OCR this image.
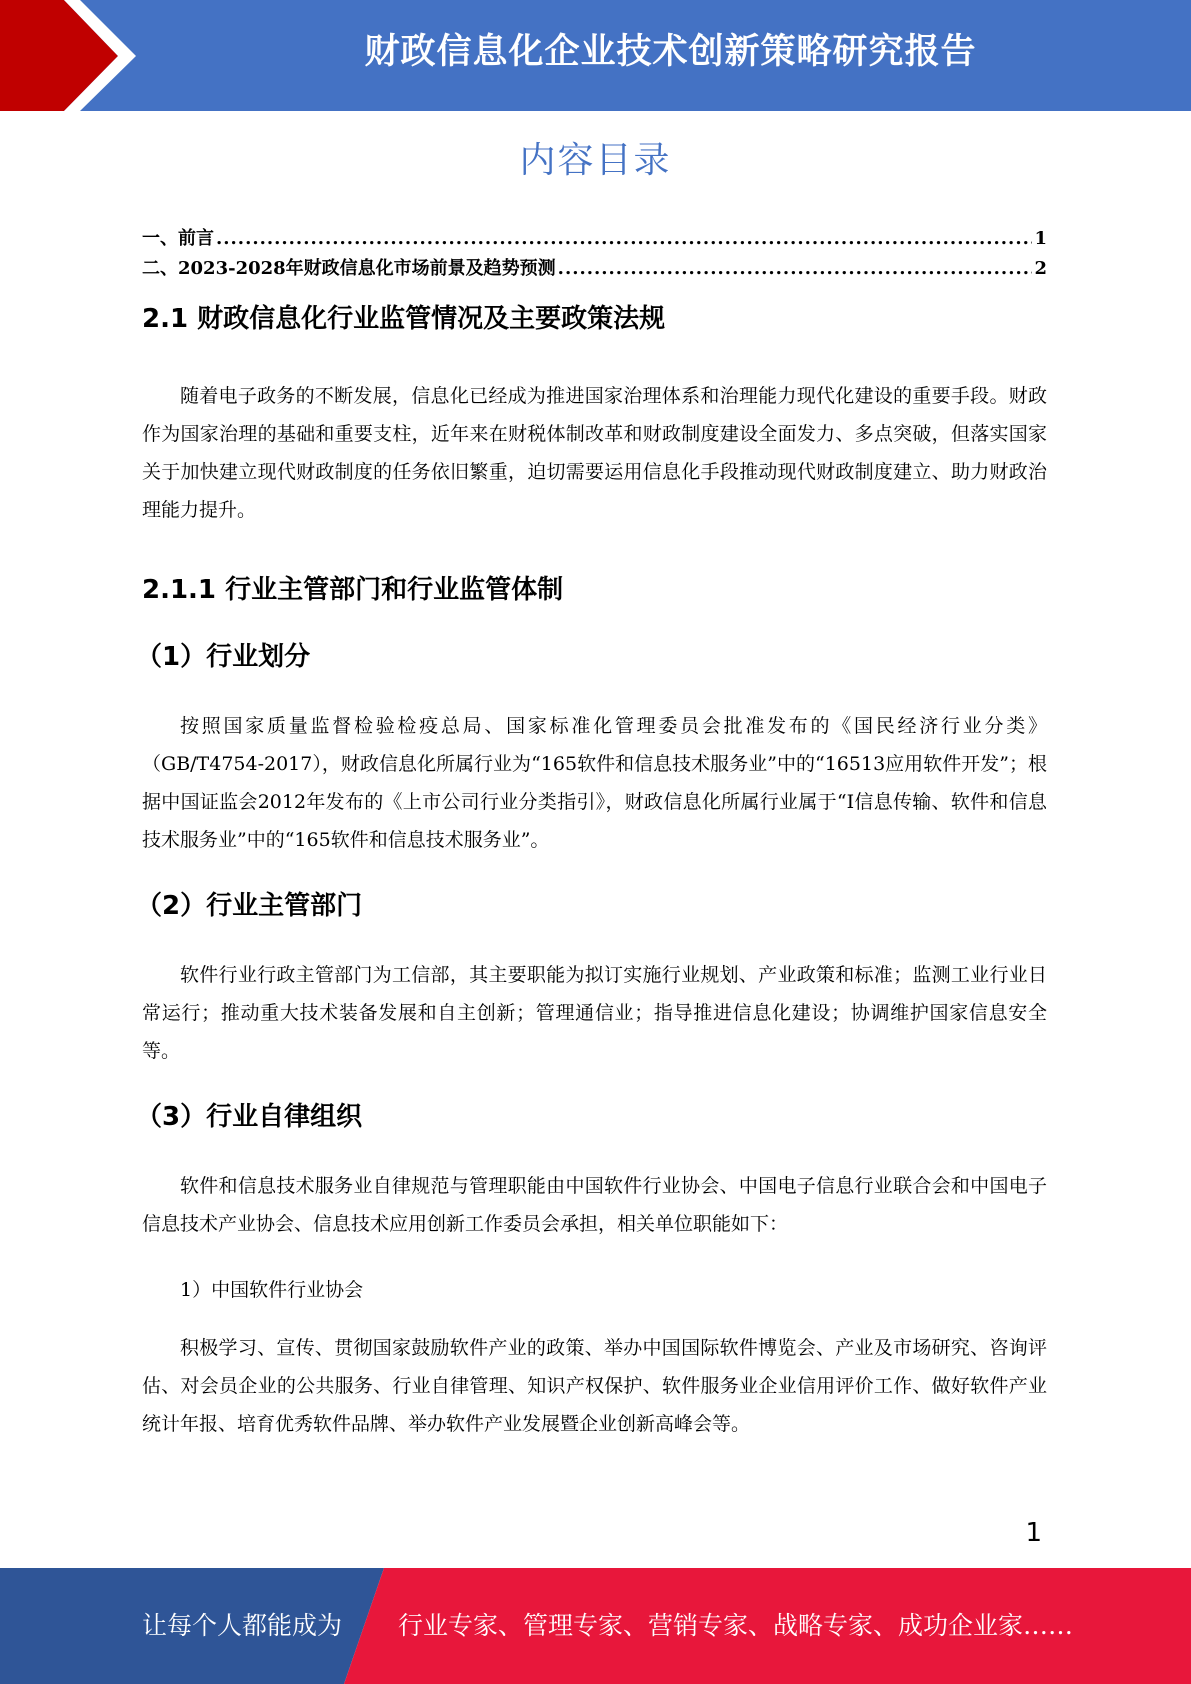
财政信息化企业技术创新策略研究报告
内容目录
一、前言 .....	1
二、2023-2028年财政信息化市场前景及趋势预测 .....	2
2.1 财政信息化行业监管情况及主要政策法规

随着电子政务的不断发展，信息化已经成为推进国家治理体系和治理能力现代化建设的重要手段。财政作为国家治理的基础和重要支柱，近年来在财税体制改革和财政制度建设全面发力、多点突破，但落实国家关于加快建立现代财政制度的任务依旧繁重，迫切需要运用信息化手段推动现代财政制度建立、助力财政治理能力提升。

2.1.1 行业主管部门和行业监管体制
（1）行业划分

按照国家质量监督检验检疫总局、国家标准化管理委员会批准发布的《国民经济行业分类》（GB/T4754-2017），财政信息化所属行业为“165软件和信息技术服务业”中的“16513应用软件开发”；根据中国证监会2012年发布的《上市公司行业分类指引》，财政信息化所属行业属于“I信息传输、软件和信息技术服务业”中的“165软件和信息技术服务业”。

（2）行业主管部门

软件行业行政主管部门为工信部，其主要职能为拟订实施行业规划、产业政策和标准；监测工业行业日常运行；推动重大技术装备发展和自主创新；管理通信业；指导推进信息化建设；协调维护国家信息安全等。

（3）行业自律组织

软件和信息技术服务业自律规范与管理职能由中国软件行业协会、中国电子信息行业联合会和中国电子信息技术产业协会、信息技术应用创新工作委员会承担，相关单位职能如下：

1）中国软件行业协会

积极学习、宣传、贯彻国家鼓励软件产业的政策、举办中国国际软件博览会、产业及市场研究、咨询评估、对会员企业的公共服务、行业自律管理、知识产权保护、软件服务业企业信用评价工作、做好软件产业统计年报、培育优秀软件品牌、举办软件产业发展暨企业创新高峰会等。

1
让每个人都能成为 行业专家、管理专家、营销专家、战略专家、成功企业家……
